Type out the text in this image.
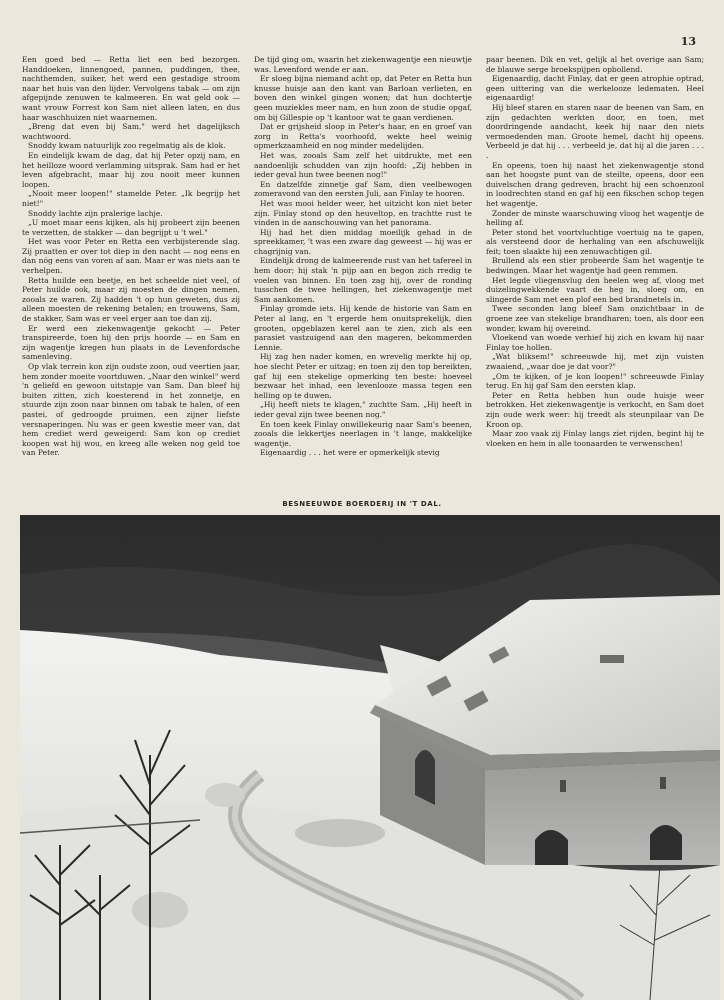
13

Een goed bed — Retta liet een bed bezorgen. Handdoeken, linnengoed, pannen, puddingen, thee, nachthemden, suiker, het werd een gestadige stroom naar het huis van den lijder. Vervolgens tabak — om zijn afgepijnde zenuwen te kalmeeren. En wat geld ook — want vrouw Forrest kon Sam niet alleen laten, en dus haar waschhuizen niet waarnemen.

„Breng dat even bij Sam," werd het dagelijksch wachtwoord.

Snoddy kwam natuurlijk zoo regelmatig als de klok.

En eindelijk kwam de dag, dat hij Peter opzij nam, en het heilloze woord verlamming uitsprak. Sam had er het leven afgebracht, maar hij zou nooit meer kunnen loopen.

„Nooit meer loopen!" stamelde Peter. „Ik begrijp het niet!"

Snoddy lachte zijn pralerige lachje.

„U moet maar eens kijken, als hij probeert zijn beenen te verzetten, de stakker — dan begrijpt u 't wel."

Het was voor Peter en Retta een verbijsterende slag. Zij praatten er over tot diep in den nacht — nog eens en dan nóg eens van voren af aan. Maar er was niets aan te verhelpen.

Retta huilde een beetje, en het scheelde niet veel, of Peter huilde ook, maar zij moesten de dingen nemen, zooals ze waren. Zij hadden 't op hun geweten, dus zij alleen moesten de rekening betalen; en trouwens, Sam, de stakker, Sam was er veel erger aan toe dan zij.

Er werd een ziekenwagentje gekocht — Peter transpireerde, toen hij den prijs hoorde — en Sam en zijn wagentje kregen hun plaats in de Levenfordsche samenleving.

Op vlak terrein kon zijn oudste zoon, oud veertien jaar, hem zonder moeite voortduwen. „Naar den winkel" werd 'n geliefd en gewoon uitstapje van Sam. Dan bleef hij buiten zitten, zich koesterend in het zonnetje, en stuurde zijn zoon naar binnen om tabak te halen, of een pastei, of gedroogde pruimen, een zijner liefste versnaperingen. Nu was er geen kwestie meer van, dat hem crediet werd geweigerd: Sam kon op crediet koopen wat hij wou, en kreeg alle weken nog geld toe van Peter.

De tijd ging om, waarin het ziekenwagentje een nieuwtje was. Levenford wende er aan.

Er sloeg bijna niemand acht op, dat Peter en Retta hun knusse huisje aan den kant van Barloan verlieten, en boven den winkel gingen wonen; dat hun dochtertje geen muziekles meer nam, en hun zoon de studie opgaf, om bij Gillespie op 't kantoor wat te gaan verdienen.

Dat er grijsheid sloop in Peter's haar, en en groef van zorg in Retta's voorhoofd, wekte heel weinig opmerkzaamheid en nog minder medelijden.

Het was, zooals Sam zelf het uitdrukte, met een aandoenlijk schudden van zijn hoofd: „Zij hebben in ieder geval hun twee beenen nog!"

En datzelfde zinnetje gaf Sam, dien veelbewogen zomeravond van den eersten Juli, aan Finlay te hooren.

Het was mooi helder weer, het uitzicht kon niet beter zijn. Finlay stond op den heuveltop, en trachtte rust te vinden in de aanschouwing van het panorama.

Hij had het dien middag moeilijk gehad in de spreekkamer, 't was een zware dag geweest — hij was er chagrijnig van.

Eindelijk drong de kalmeerende rust van het tafereel in hem door; hij stak 'n pijp aan en begon zich rredig te voelen van binnen. En toen zag hij, over de ronding tusschen de twee hellingen, het ziekenwagentje met Sam aankomen.

Finlay gromde iets. Hij kende de historie van Sam en Peter al lang, en 't ergerde hem onuitsprekelijk, dien grooten, opgeblazen kerel aan te zien, zich als een parasiet vastzuigend aan den mageren, bekommerden Lennie.

Hij zag hen nader komen, en wrevelig merkte hij op, hoe slecht Peter er uitzag; en toen zij den top bereikten, gaf hij een stekelige opmerking ten beste: hoeveel bezwaar het inhad, een levenlooze massa tegen een helling op te duwen.

„Hij heeft niets te klagen," zuchtte Sam. „Hij heeft in ieder geval zijn twee beenen nog."

En toen keek Finlay onwillekeurig naar Sam's beenen, zooals die lekkertjes neerlagen in 't lange, makkelijke wagentje.

Eigenaardig . . . het were er opmerkelijk stevig

paar beenen. Dik en vet, gelijk al het overige aan Sam; de blauwe serge broekspijpen opbollend.

Eigenaardig, dacht Finlay, dat er geen atrophie optrad, geen uittering van die werkelooze ledematen. Heel eigenaardig!

Hij bleef staren en staren naar de beenen van Sam, en zijn gedachten werkten door, en toen, met doordringende aandacht, keek hij naar den niets vermoedenden man. Groote hemel, dacht hij opeens. Verbeeld je dat hij . . . verbeeld je, dat hij al die jaren . . . .

En opeens, toen hij naast het ziekenwagentje stond aan het hoogste punt van de steilte, opeens, door een duivelschen drang gedreven, bracht hij een schoenzool in loodrechten stand en gaf hij een fikschen schop tegen het wagentje.

Zonder de minste waarschuwing vloog het wagentje de helling af.

Peter stond het voortvluchtige voertuig na te gapen, als versteend door de herhaling van een afschuwelijk feit; toen slaakte hij een zenuwachtigen gil.

Brullend als een stier probeerde Sam het wagentje te bedwingen. Maar het wagentje had geen remmen.

Het legde vliegensvlug den heelen weg af, vloog met duizelingwekkende vaart de heg in, sloeg om, en slingerde Sam met een plof een bed brandnetels in.

Twee seconden lang bleef Sam onzichtbaar in de groene zee van stekelige brandharen; toen, als door een wonder, kwam hij overeind.

Vloekend van woede verhief hij zich en kwam hij naar Finlay toe hollen.

„Wat bliksem!" schreeuwde hij, met zijn vuisten zwaaiend, „waar doe je dat voor?"

„Om te kijken, of je kon loopen!" schreeuwde Finlay terug. En hij gaf Sam den eersten klap.

Peter en Retta hebben hun oude huisje weer betrokken. Het ziekenwagentje is verkocht, en Sam doet zijn oude werk weer: hij treedt als steunpilaar van De Kroon op.

Maar zoo vaak zij Finlay langs ziet rijden, begint hij te vloeken en hem in alle toonaarden te verwenschen!

BESNEEUWDE BOERDERIJ IN 'T DAL.
